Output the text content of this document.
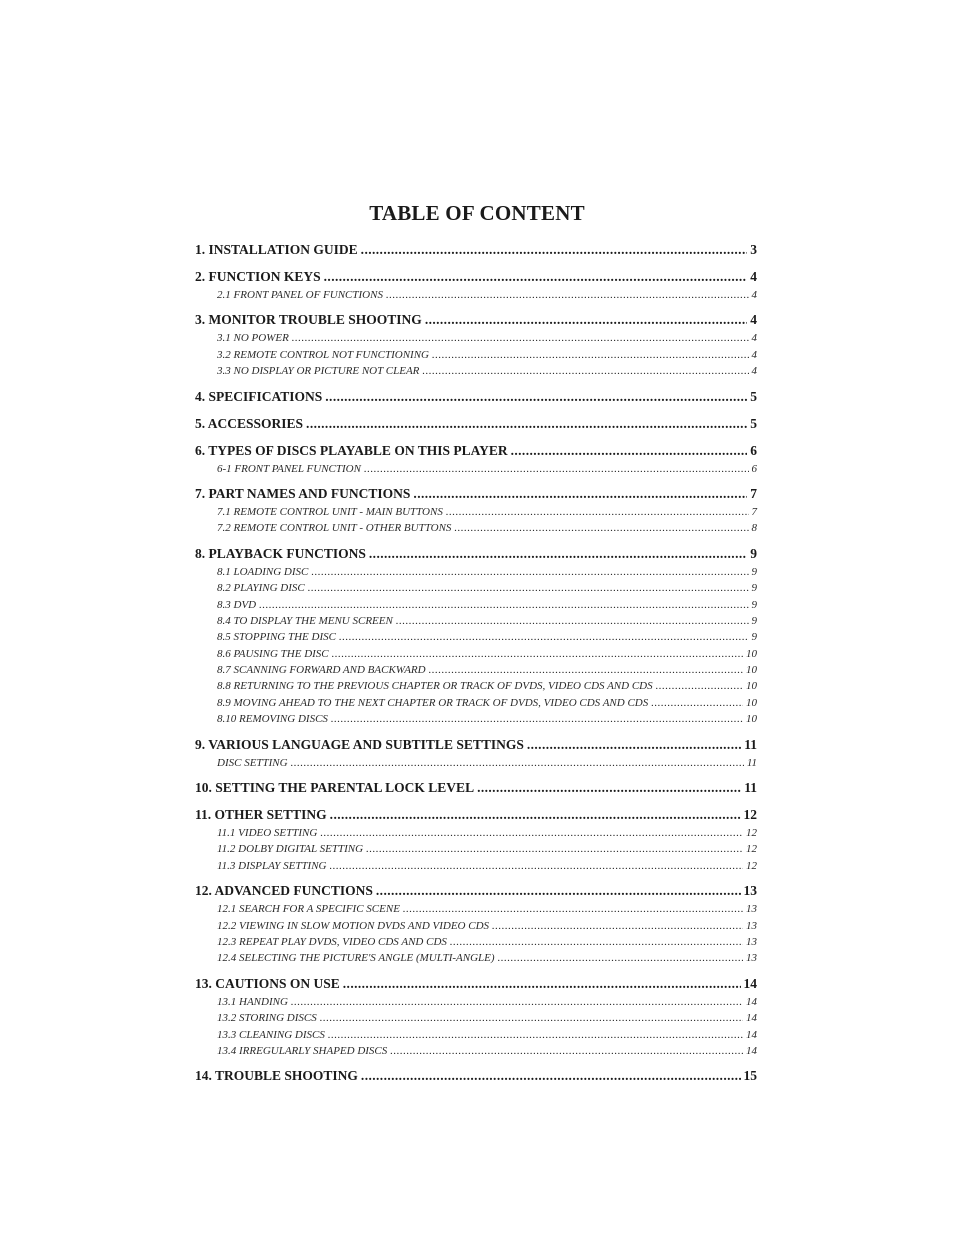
TABLE OF CONTENT
1. INSTALLATION GUIDE .....	3
2. FUNCTION KEYS .....	4
2.1 FRONT PANEL OF FUNCTIONS .....	4
3. MONITOR TROUBLE SHOOTING .....	4
3.1 NO POWER .....	4
3.2 REMOTE CONTROL NOT FUNCTIONING .....	4
3.3 NO DISPLAY OR PICTURE NOT CLEAR .....	4
4. SPECIFICATIONS .....	5
5. ACCESSORIES .....	5
6. TYPES OF DISCS PLAYABLE ON THIS PLAYER .....	6
6-1 FRONT PANEL FUNCTION .....	6
7. PART NAMES AND FUNCTIONS .....	7
7.1 REMOTE CONTROL UNIT - MAIN BUTTONS .....	7
7.2 REMOTE CONTROL UNIT - OTHER BUTTONS .....	8
8. PLAYBACK FUNCTIONS .....	9
8.1 LOADING DISC .....	9
8.2 PLAYING DISC .....	9
8.3 DVD .....	9
8.4 TO DISPLAY THE MENU SCREEN .....	9
8.5 STOPPING THE DISC .....	9
8.6 PAUSING THE DISC .....	10
8.7 SCANNING FORWARD AND BACKWARD .....	10
8.8 RETURNING TO THE PREVIOUS CHAPTER OR TRACK OF DVDS, VIDEO CDS AND CDS .....	10
8.9 MOVING AHEAD TO THE NEXT CHAPTER OR TRACK OF DVDS, VIDEO CDS AND CDS .....	10
8.10 REMOVING DISCS .....	10
9. VARIOUS LANGUAGE AND SUBTITLE SETTINGS .....	11
DISC SETTING .....	11
10. SETTING THE PARENTAL LOCK LEVEL .....	11
11. OTHER SETTING .....	12
11.1 VIDEO SETTING .....	12
11.2 DOLBY DIGITAL SETTING .....	12
11.3 DISPLAY SETTING .....	12
12. ADVANCED FUNCTIONS .....	13
12.1 SEARCH FOR A SPECIFIC SCENE .....	13
12.2 VIEWING IN SLOW MOTION DVDS AND VIDEO CDS .....	13
12.3 REPEAT PLAY DVDS, VIDEO CDS AND CDS .....	13
12.4 SELECTING THE PICTURE'S ANGLE (MULTI-ANGLE) .....	13
13. CAUTIONS ON USE .....	14
13.1 HANDING .....	14
13.2 STORING DISCS .....	14
13.3 CLEANING DISCS .....	14
13.4 IRREGULARLY SHAPED DISCS .....	14
14. TROUBLE SHOOTING .....	15
